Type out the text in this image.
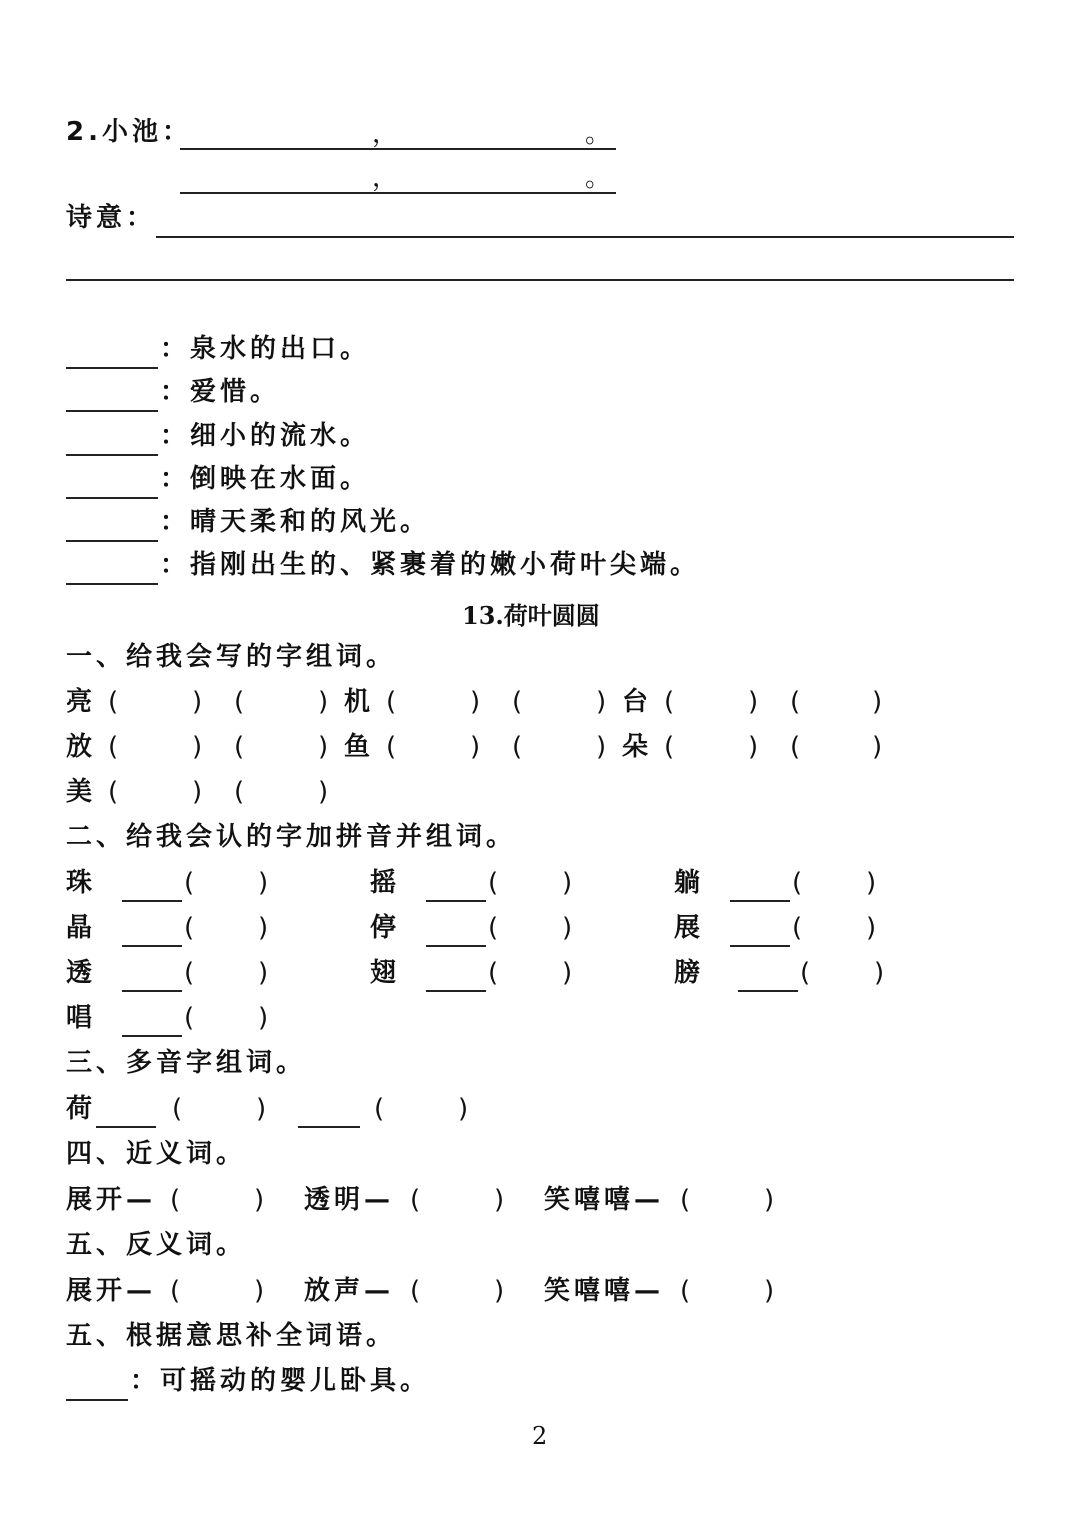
2.小池：	，	。
，	。
诗意：
：泉水的出口。
：爱惜。
：细小的流水。
：倒映在水面。
：晴天柔和的风光。
：指刚出生的、紧裹着的嫩小荷叶尖端。
13.荷叶圆圆
一、给我会写的字组词。
亮 (	) (	) 机 (	) (	) 台 (	) (	)
放 (	) (	) 鱼 (	) (	) 朵 (	) (	)
美 (	) (	)
二、给我会认的字加拼音并组词。
珠	( )	摇	( )	躺	( )
晶	( )	停	( )	展	( )
透	( )	翅	( )	膀	( )
唱	( )
三、多音字组词。
荷	(	)	(	)
四、近义词。
展开— (	) 透明— (	) 笑嘻嘻— (	)
五、反义词。
展开— (	) 放声— (	) 笑嘻嘻— (	)
五、根据意思补全词语。
：可摇动的婴儿卧具。
2
